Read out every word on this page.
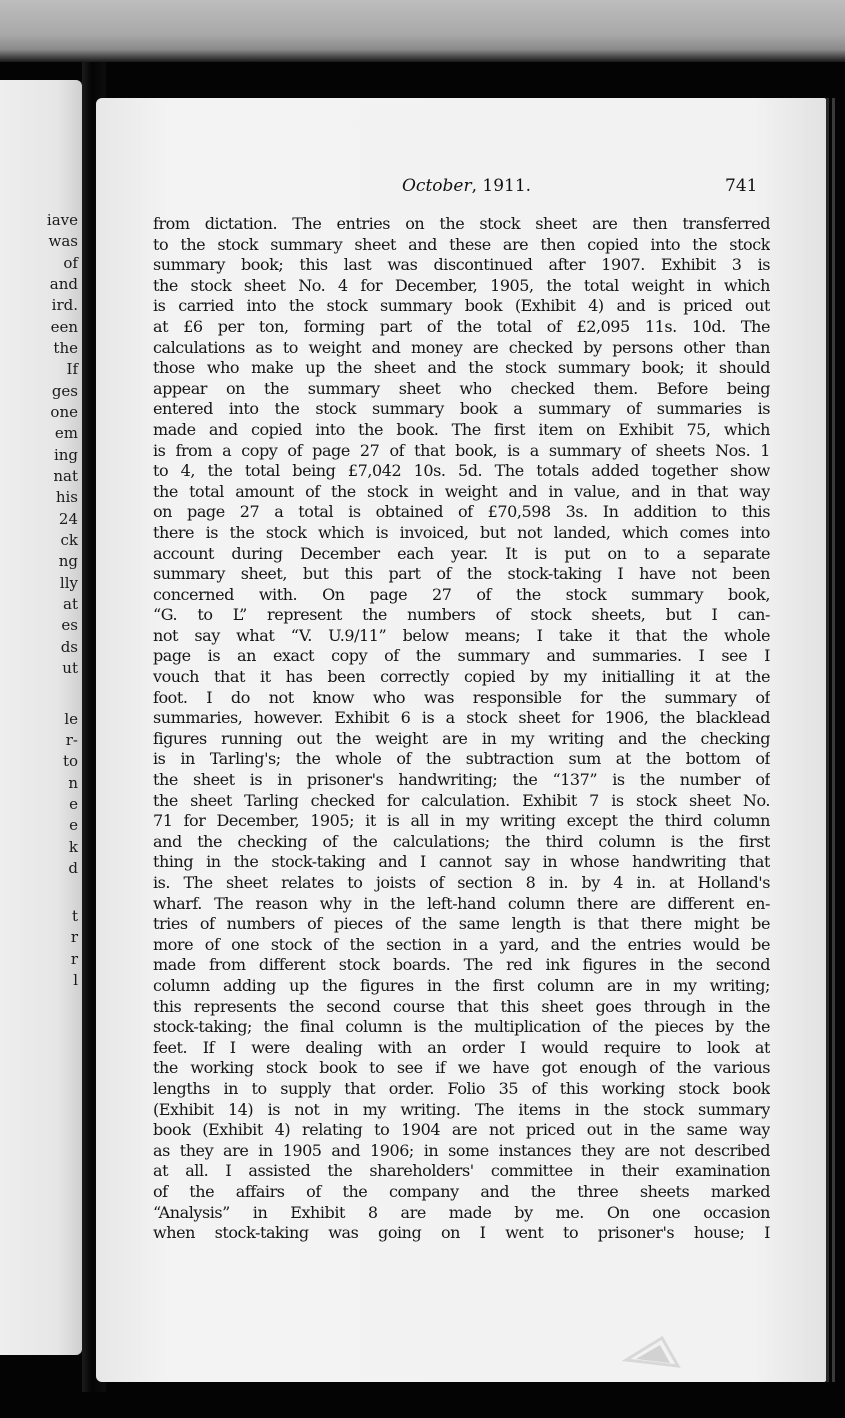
iave
was
of
and
ird.
een
the
If
ges
one
em
ing
nat
his
24
ck
ng
lly
at
es
ds
ut
le
r-
to
n
e
e
k
d
t
r
r
l
October, 1911.	741
from dictation. The entries on the stock sheet are then transferred
to the stock summary sheet and these are then copied into the stock
summary book; this last was discontinued after 1907. Exhibit 3 is
the stock sheet No. 4 for December, 1905, the total weight in which
is carried into the stock summary book (Exhibit 4) and is priced out
at £6 per ton, forming part of the total of £2,095 11s. 10d. The
calculations as to weight and money are checked by persons other than
those who make up the sheet and the stock summary book; it should
appear on the summary sheet who checked them. Before being
entered into the stock summary book a summary of summaries is
made and copied into the book. The first item on Exhibit 75, which
is from a copy of page 27 of that book, is a summary of sheets Nos. 1
to 4, the total being £7,042 10s. 5d. The totals added together show
the total amount of the stock in weight and in value, and in that way
on page 27 a total is obtained of £70,598 3s. In addition to this
there is the stock which is invoiced, but not landed, which comes into
account during December each year. It is put on to a separate
summary sheet, but this part of the stock-taking I have not been
concerned with. On page 27 of the stock summary book,
“G. to L” represent the numbers of stock sheets, but I can-
not say what “V. U.9/11” below means; I take it that the whole
page is an exact copy of the summary and summaries. I see I
vouch that it has been correctly copied by my initialling it at the
foot. I do not know who was responsible for the summary of
summaries, however. Exhibit 6 is a stock sheet for 1906, the blacklead
figures running out the weight are in my writing and the checking
is in Tarling's; the whole of the subtraction sum at the bottom of
the sheet is in prisoner's handwriting; the “137” is the number of
the sheet Tarling checked for calculation. Exhibit 7 is stock sheet No.
71 for December, 1905; it is all in my writing except the third column
and the checking of the calculations; the third column is the first
thing in the stock-taking and I cannot say in whose handwriting that
is. The sheet relates to joists of section 8 in. by 4 in. at Holland's
wharf. The reason why in the left-hand column there are different en-
tries of numbers of pieces of the same length is that there might be
more of one stock of the section in a yard, and the entries would be
made from different stock boards. The red ink figures in the second
column adding up the figures in the first column are in my writing;
this represents the second course that this sheet goes through in the
stock-taking; the final column is the multiplication of the pieces by the
feet. If I were dealing with an order I would require to look at
the working stock book to see if we have got enough of the various
lengths in to supply that order. Folio 35 of this working stock book
(Exhibit 14) is not in my writing. The items in the stock summary
book (Exhibit 4) relating to 1904 are not priced out in the same way
as they are in 1905 and 1906; in some instances they are not described
at all. I assisted the shareholders' committee in their examination
of the affairs of the company and the three sheets marked
“Analysis” in Exhibit 8 are made by me. On one occasion
when stock-taking was going on I went to prisoner's house; I
